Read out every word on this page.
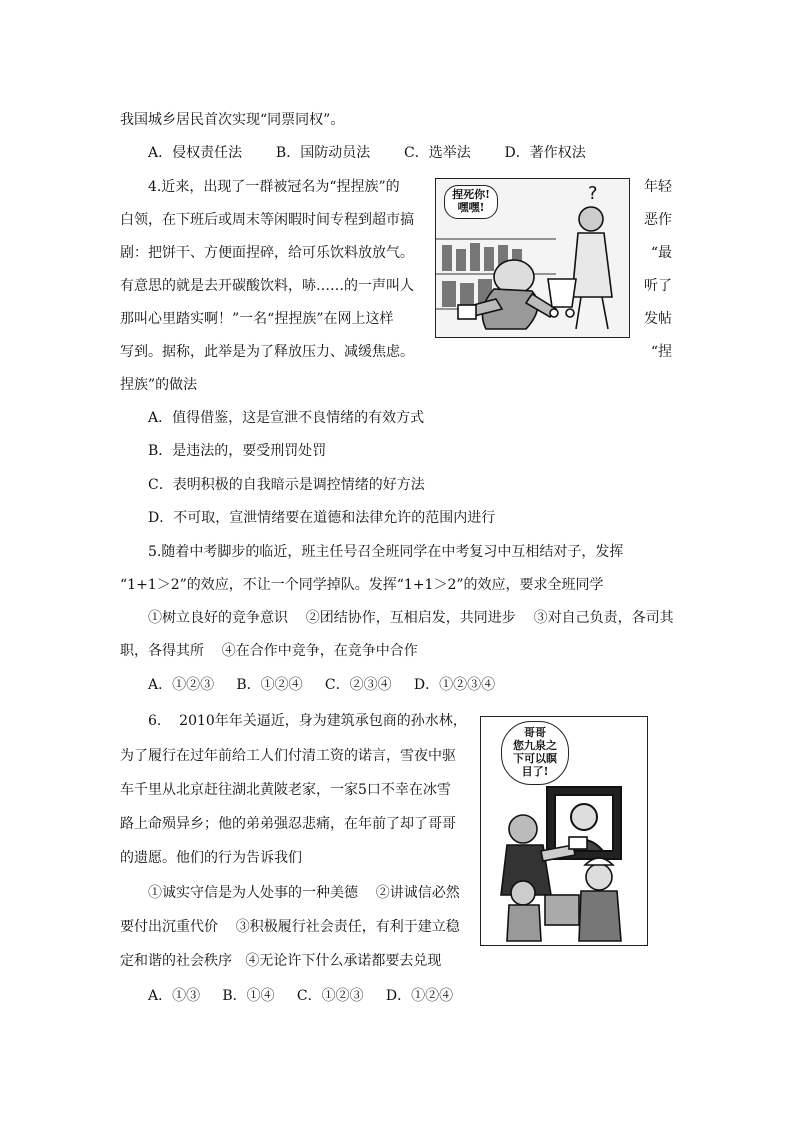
我国城乡居民首次实现“同票同权”。
A．侵权责任法    B．国防动员法    C．选举法    D．著作权法
4.近来，出现了一群被冠名为“捏捏族”的
白领，在下班后或周末等闲暇时间专程到超市搞
剧：把饼干、方便面捏碎，给可乐饮料放放气。
有意思的就是去开碳酸饮料，哧……的一声叫人
那叫心里踏实啊！”一名“捏捏族”在网上这样
写到。据称，此举是为了释放压力、减缓焦虑。
年轻
恶作
“最
听了
发帖
“捏
捏族”的做法
?
捏死你!
嘿嘿!
A．值得借鉴，这是宣泄不良情绪的有效方式
B．是违法的，要受刑罚处罚
C．表明积极的自我暗示是调控情绪的好方法
D．不可取，宣泄情绪要在道德和法律允许的范围内进行
5.随着中考脚步的临近，班主任号召全班同学在中考复习中互相结对子，发挥
“1+1＞2”的效应，不让一个同学掉队。发挥“1+1＞2”的效应，要求全班同学
①树立良好的竞争意识    ②团结协作，互相启发，共同进步    ③对自己负责，各司其
职，各得其所    ④在合作中竞争，在竞争中合作
A．①②③     B．①②④     C．②③④     D．①②③④
6.    2010年年关逼近，身为建筑承包商的孙水林，
为了履行在过年前给工人们付清工资的诺言，雪夜中驱
车千里从北京赶往湖北黄陂老家，一家5口不幸在冰雪
路上命殒异乡；他的弟弟强忍悲痛，在年前了却了哥哥
的遗愿。他们的行为告诉我们
①诚实守信是为人处事的一种美德    ②讲诚信必然
要付出沉重代价    ③积极履行社会责任，有利于建立稳
定和谐的社会秩序   ④无论许下什么承诺都要去兑现
A．①③     B．①④     C．①②③     D．①②④
哥哥
您九泉之
下可以瞑
目了!
